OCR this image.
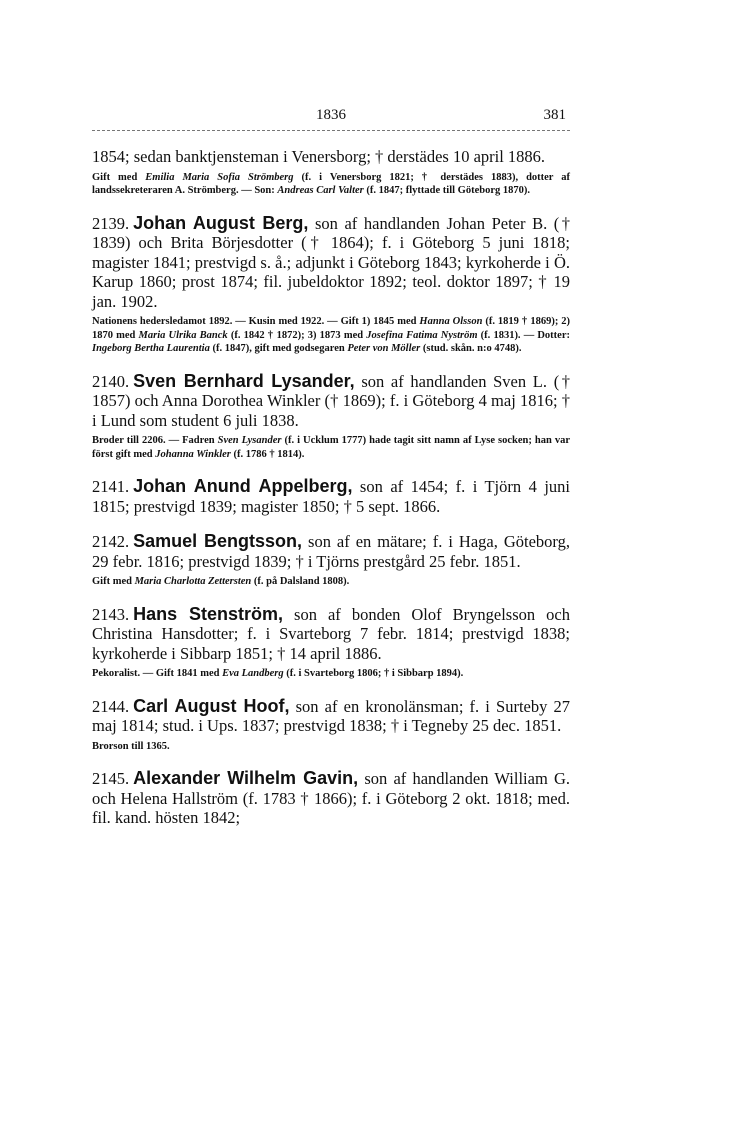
1836	381

1854; sedan banktjensteman i Venersborg; † derstädes 10 april 1886.

Gift med Emilia Maria Sofia Strömberg (f. i Venersborg 1821; † derstädes 1883), dotter af landssekreteraren A. Strömberg. — Son: Andreas Carl Valter (f. 1847; flyttade till Göteborg 1870).

2139. Johan August Berg, son af handlanden Johan Peter B. († 1839) och Brita Börjesdotter († 1864); f. i Göteborg 5 juni 1818; magister 1841; prestvigd s. å.; adjunkt i Göteborg 1843; kyrkoherde i Ö. Karup 1860; prost 1874; fil. jubeldoktor 1892; teol. doktor 1897; † 19 jan. 1902.

Nationens hedersledamot 1892. — Kusin med 1922. — Gift 1) 1845 med Hanna Olsson (f. 1819 † 1869); 2) 1870 med Maria Ulrika Banck (f. 1842 † 1872); 3) 1873 med Josefina Fatima Nyström (f. 1831). — Dotter: Ingeborg Bertha Laurentia (f. 1847), gift med godsegaren Peter von Möller (stud. skån. n:o 4748).

2140. Sven Bernhard Lysander, son af handlanden Sven L. († 1857) och Anna Dorothea Winkler († 1869); f. i Göteborg 4 maj 1816; † i Lund som student 6 juli 1838.

Broder till 2206. — Fadren Sven Lysander (f. i Ucklum 1777) hade tagit sitt namn af Lyse socken; han var först gift med Johanna Winkler (f. 1786 † 1814).

2141. Johan Anund Appelberg, son af 1454; f. i Tjörn 4 juni 1815; prestvigd 1839; magister 1850; † 5 sept. 1866.

2142. Samuel Bengtsson, son af en mätare; f. i Haga, Göteborg, 29 febr. 1816; prestvigd 1839; † i Tjörns prestgård 25 febr. 1851.

Gift med Maria Charlotta Zettersten (f. på Dalsland 1808).

2143. Hans Stenström, son af bonden Olof Bryngelsson och Christina Hansdotter; f. i Svarteborg 7 febr. 1814; prestvigd 1838; kyrkoherde i Sibbarp 1851; † 14 april 1886.

Pekoralist. — Gift 1841 med Eva Landberg (f. i Svarteborg 1806; † i Sibbarp 1894).

2144. Carl August Hoof, son af en kronolänsman; f. i Surteby 27 maj 1814; stud. i Ups. 1837; prestvigd 1838; † i Tegneby 25 dec. 1851.

Brorson till 1365.

2145. Alexander Wilhelm Gavin, son af handlanden William G. och Helena Hallström (f. 1783 † 1866); f. i Göteborg 2 okt. 1818; med. fil. kand. hösten 1842;
